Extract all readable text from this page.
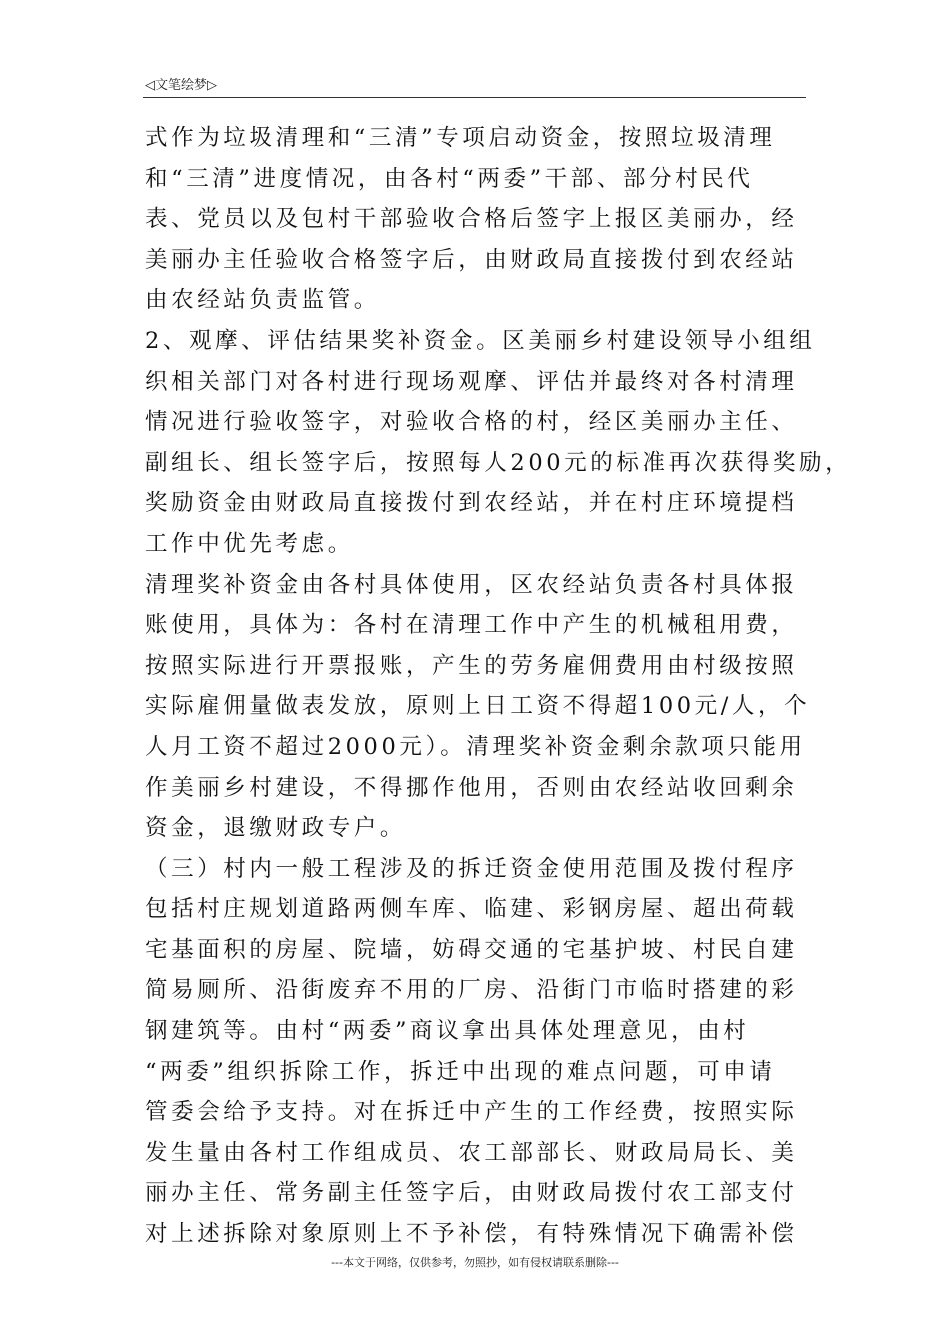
◁文笔绘梦▷
式作为垃圾清理和“三清”专项启动资金，按照垃圾清理
和“三清”进度情况，由各村“两委”干部、部分村民代
表、党员以及包村干部验收合格后签字上报区美丽办，经
美丽办主任验收合格签字后，由财政局直接拨付到农经站
由农经站负责监管。
2、观摩、评估结果奖补资金。区美丽乡村建设领导小组组
织相关部门对各村进行现场观摩、评估并最终对各村清理
情况进行验收签字，对验收合格的村，经区美丽办主任、
副组长、组长签字后，按照每人200元的标准再次获得奖励，
奖励资金由财政局直接拨付到农经站，并在村庄环境提档
工作中优先考虑。
清理奖补资金由各村具体使用，区农经站负责各村具体报
账使用，具体为：各村在清理工作中产生的机械租用费，
按照实际进行开票报账，产生的劳务雇佣费用由村级按照
实际雇佣量做表发放，原则上日工资不得超100元/人，个
人月工资不超过2000元）。清理奖补资金剩余款项只能用
作美丽乡村建设，不得挪作他用，否则由农经站收回剩余
资金，退缴财政专户。
（三）村内一般工程涉及的拆迁资金使用范围及拨付程序
包括村庄规划道路两侧车库、临建、彩钢房屋、超出荷载
宅基面积的房屋、院墙，妨碍交通的宅基护坡、村民自建
简易厕所、沿街废弃不用的厂房、沿街门市临时搭建的彩
钢建筑等。由村“两委”商议拿出具体处理意见，由村
“两委”组织拆除工作，拆迁中出现的难点问题，可申请
管委会给予支持。对在拆迁中产生的工作经费，按照实际
发生量由各村工作组成员、农工部部长、财政局局长、美
丽办主任、常务副主任签字后，由财政局拨付农工部支付
对上述拆除对象原则上不予补偿，有特殊情况下确需补偿
---本文于网络，仅供参考，勿照抄，如有侵权请联系删除---
